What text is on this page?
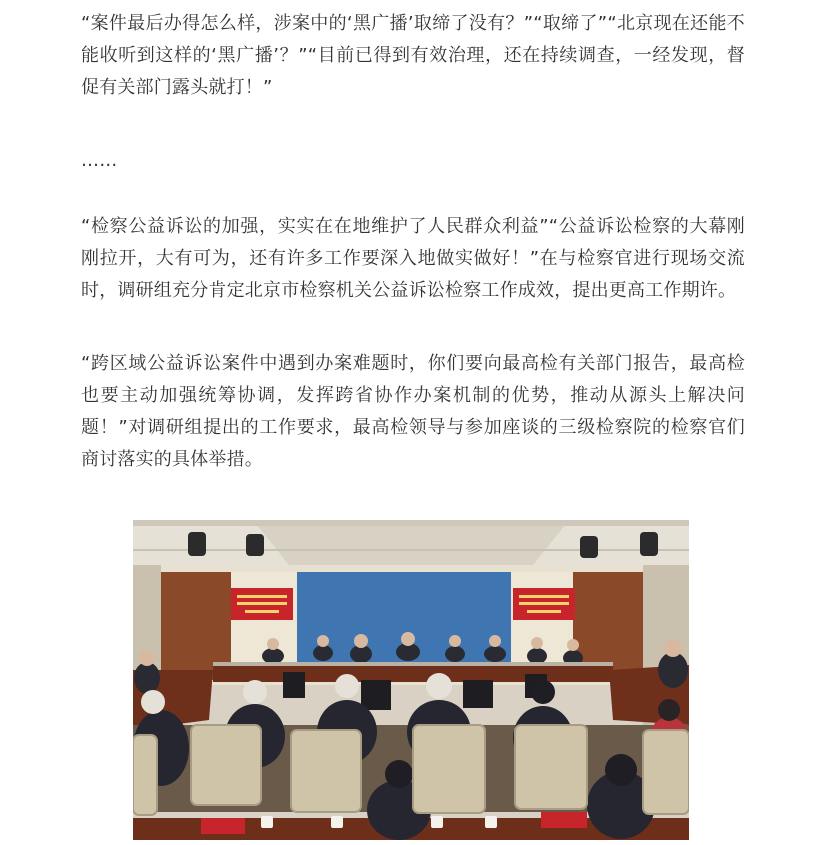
“案件最后办得怎么样，涉案中的‘黑广播’取缔了没有？”“取缔了”“北京现在还能不能收听到这样的‘黑广播’？”“目前已得到有效治理，还在持续调查，一经发现，督促有关部门露头就打！”

……

“检察公益诉讼的加强，实实在在地维护了人民群众利益”“公益诉讼检察的大幕刚刚拉开，大有可为，还有许多工作要深入地做实做好！”在与检察官进行现场交流时，调研组充分肯定北京市检察机关公益诉讼检察工作成效，提出更高工作期许。

“跨区域公益诉讼案件中遇到办案难题时，你们要向最高检有关部门报告，最高检也要主动加强统筹协调，发挥跨省协作办案机制的优势，推动从源头上解决问题！”对调研组提出的工作要求，最高检领导与参加座谈的三级检察院的检察官们商讨落实的具体举措。
